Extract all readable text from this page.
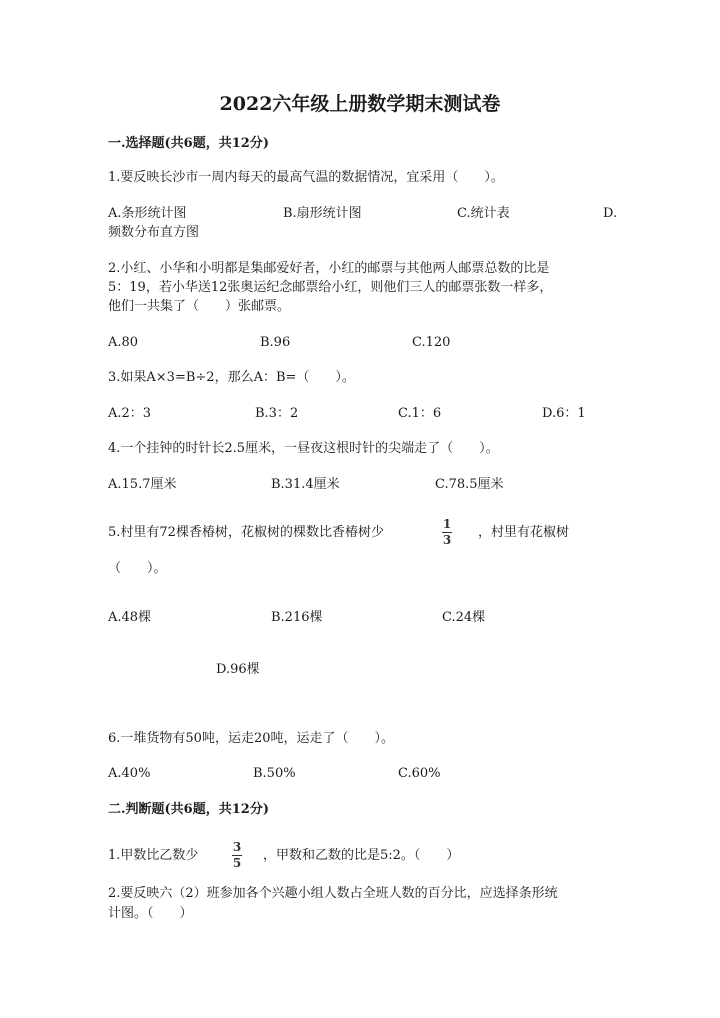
2022六年级上册数学期末测试卷
一.选择题(共6题，共12分)
1.要反映长沙市一周内每天的最高气温的数据情况，宜采用（　　）。
A.条形统计图	B.扇形统计图	C.统计表	D.
频数分布直方图
2.小红、小华和小明都是集邮爱好者，小红的邮票与其他两人邮票总数的比是
5：19，若小华送12张奥运纪念邮票给小红，则他们三人的邮票张数一样多，
他们一共集了（　　）张邮票。
A.80	B.96	C.120
3.如果A×3=B÷2，那么A：B=（　　）。
A.2：3	B.3：2	C.1：6	D.6：1
4.一个挂钟的时针长2.5厘米，一昼夜这根时针的尖端走了（　　）。
A.15.7厘米	B.31.4厘米	C.78.5厘米
5.村里有72棵香椿树，花椒树的棵数比香椿树少
1
3 ，村里有花椒树
（　　）。
A.48棵	B.216棵	C.24棵
D.96棵
6.一堆货物有50吨，运走20吨，运走了（　　）。
A.40%	B.50%	C.60%
二.判断题(共6题，共12分)
1.甲数比乙数少
3
5 ，甲数和乙数的比是5:2。（　　）
2.要反映六（2）班参加各个兴趣小组人数占全班人数的百分比，应选择条形统
计图。（　　）
